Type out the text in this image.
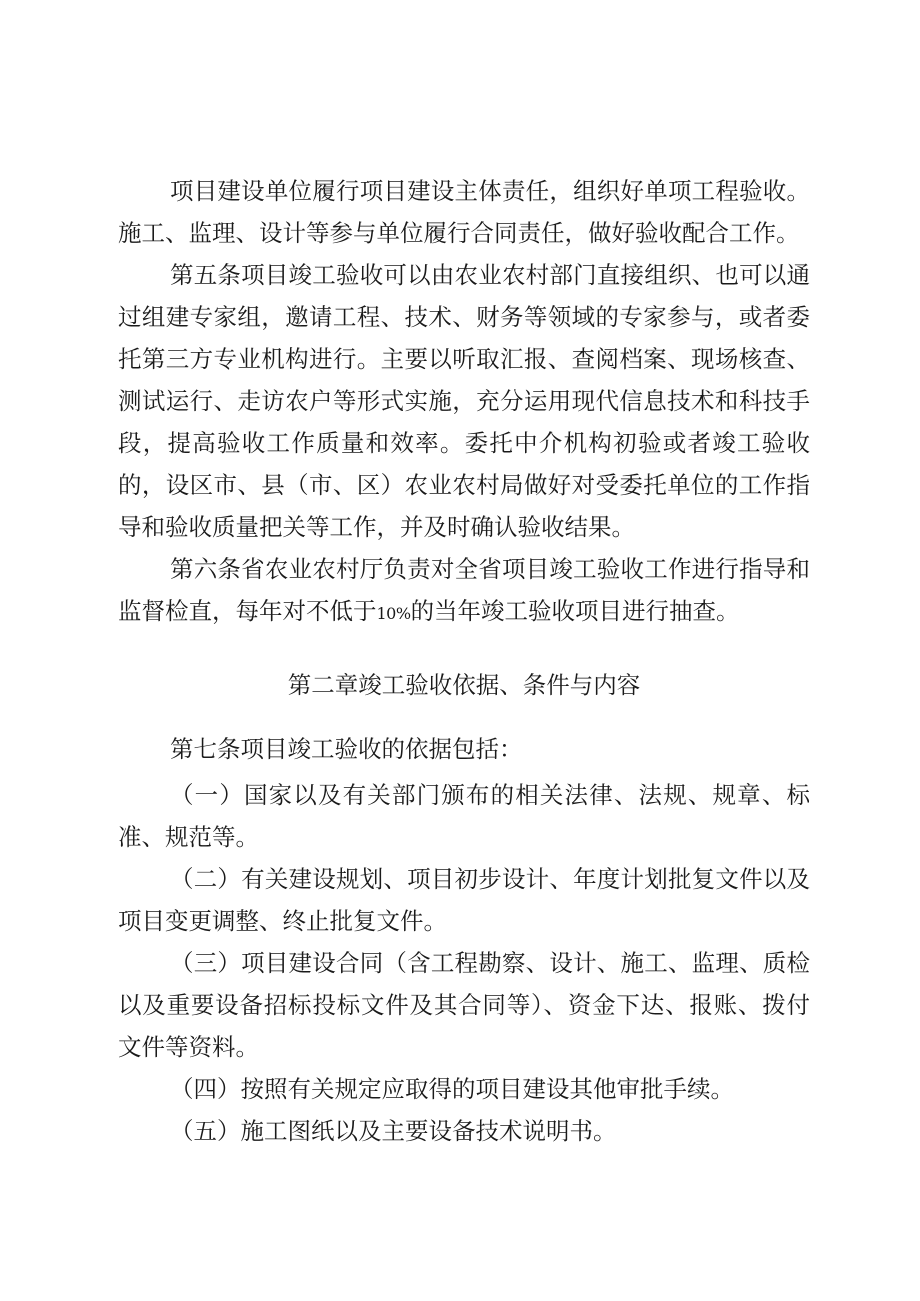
项目建设单位履行项目建设主体责任，组织好单项工程验收。施工、监理、设计等参与单位履行合同责任，做好验收配合工作。

第五条项目竣工验收可以由农业农村部门直接组织、也可以通过组建专家组，邀请工程、技术、财务等领域的专家参与，或者委托第三方专业机构进行。主要以听取汇报、查阅档案、现场核查、测试运行、走访农户等形式实施，充分运用现代信息技术和科技手段，提高验收工作质量和效率。委托中介机构初验或者竣工验收的，设区市、县（市、区）农业农村局做好对受委托单位的工作指导和验收质量把关等工作，并及时确认验收结果。

第六条省农业农村厅负责对全省项目竣工验收工作进行指导和监督检直，每年对不低于10%的当年竣工验收项目进行抽查。

第二章竣工验收依据、条件与内容

第七条项目竣工验收的依据包括：

（一）国家以及有关部门颁布的相关法律、法规、规章、标准、规范等。

（二）有关建设规划、项目初步设计、年度计划批复文件以及项目变更调整、终止批复文件。

（三）项目建设合同（含工程勘察、设计、施工、监理、质检以及重要设备招标投标文件及其合同等）、资金下达、报账、拨付文件等资料。

（四）按照有关规定应取得的项目建设其他审批手续。

（五）施工图纸以及主要设备技术说明书。
